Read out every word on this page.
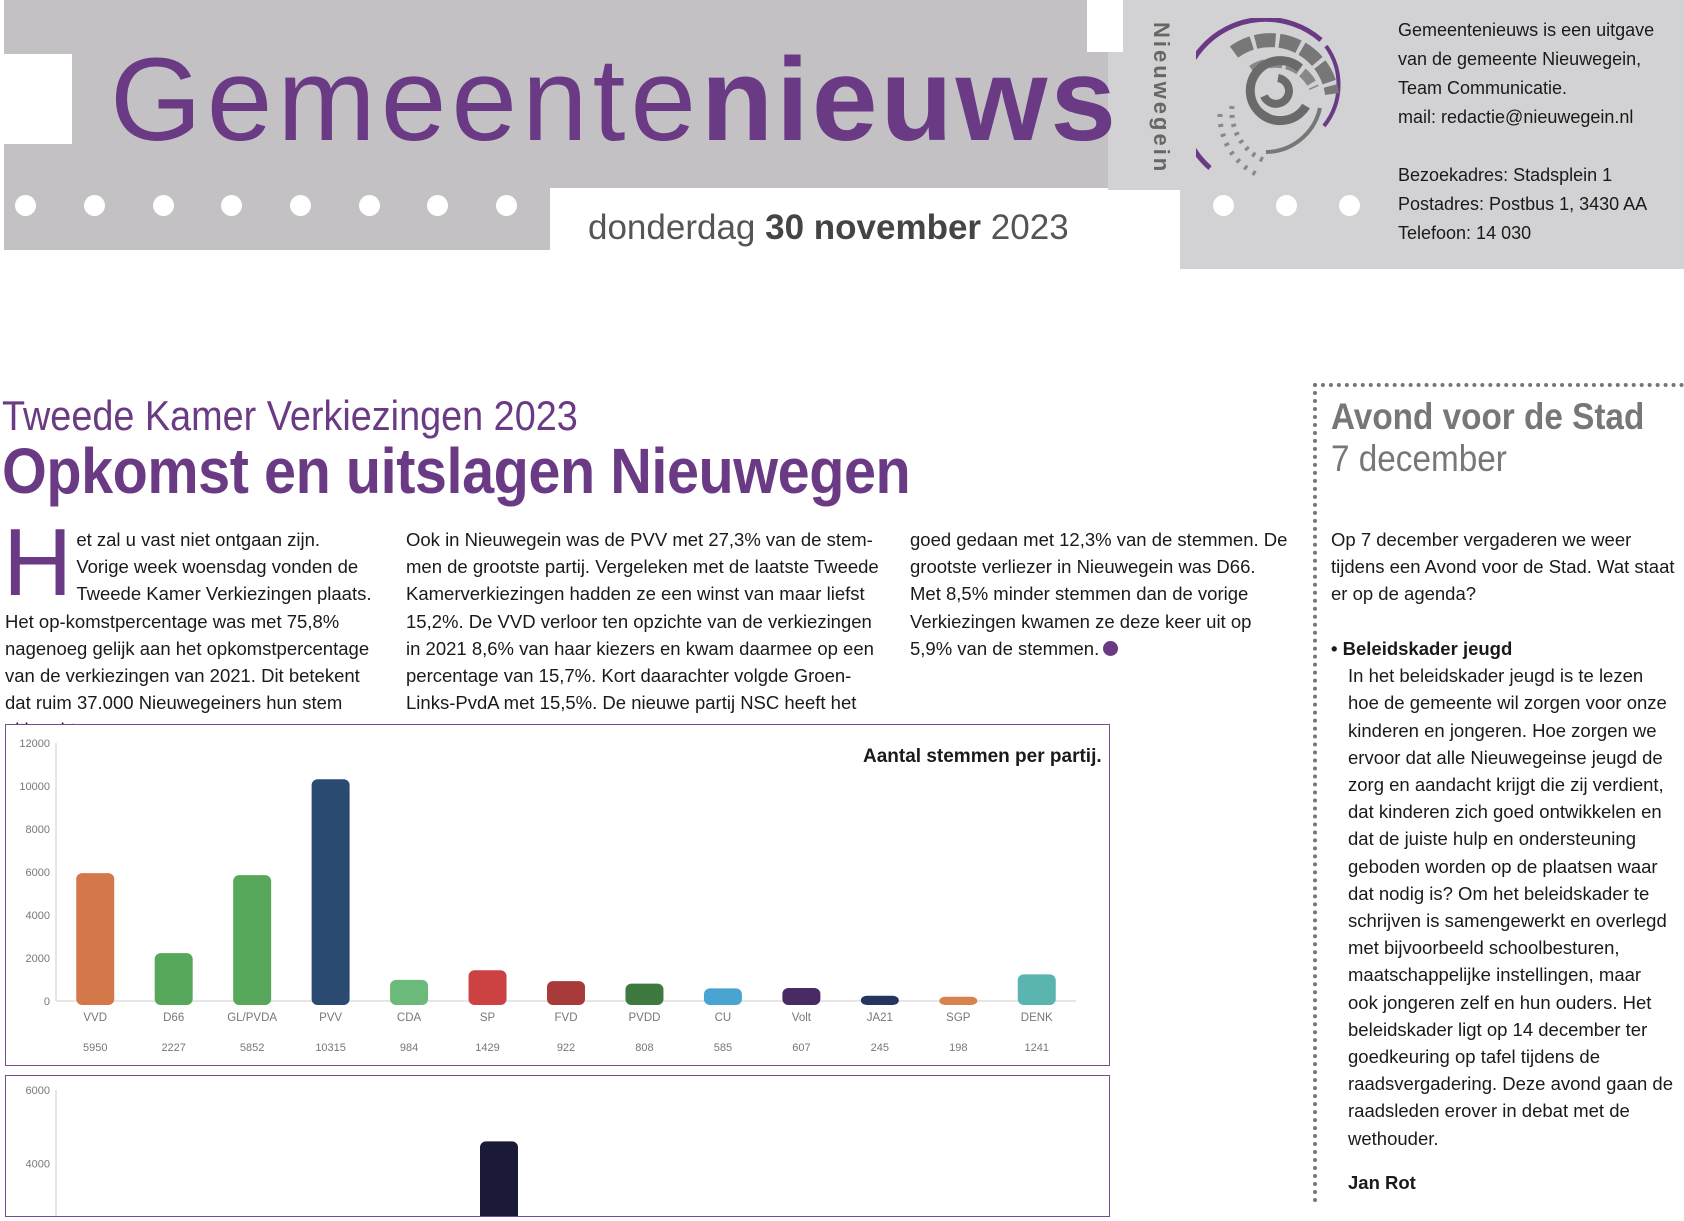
Gemeentenieuws
donderdag 30 november 2023
Nieuwegein	Gemeentenieuws is een uitgave
van de gemeente Nieuwegein,
Team Communicatie.
mail: redactie@nieuwegein.nl

Bezoekadres: Stadsplein 1
Postadres: Postbus 1, 3430 AA
Telefoon: 14 030
Tweede Kamer Verkiezingen 2023
Opkomst en uitslagen Nieuwegen
Het zal u vast niet ontgaan zijn. Vorige week woensdag vonden de Tweede Kamer Verkiezingen plaats. Het op-komstpercentage was met 75,8% nagenoeg gelijk aan het opkomstpercentage van de verkiezingen van 2021. Dit betekent dat ruim 37.000 Nieuwegeiners hun stem
Ook in Nieuwegein was de PVV met 27,3% van de stem-men de grootste partij. Vergeleken met de laatste Tweede Kamerverkiezingen hadden ze een winst van maar liefst 15,2%. De VVD verloor ten opzichte van de verkiezingen in 2021 8,6% van haar kiezers en kwam daarmee op een percentage van 15,7%. Kort daarachter volgde Groen-Links-PvdA met 15,5%. De nieuwe partij NSC heeft het
goed gedaan met 12,3% van de stemmen. De grootste verliezer in Nieuwegein was D66. Met 8,5% minder stemmen dan de vorige Verkiezingen kwamen ze deze keer uit op 5,9% van de stemmen.
0
2000
4000
6000
8000
10000
12000
VVD
5950
D66
2227
GL/PVDA
5852
PVV
10315
CDA
984
SP
1429
FVD
922
PVDD
808
CU
585
Volt
607
JA21
245
SGP
198
DENK
1241
Aantal stemmen per partij.
4000
6000
Avond voor de Stad
7 december
Op 7 december vergaderen we weer tijdens een Avond voor de Stad. Wat staat er op de agenda?
• Beleidskader jeugd
In het beleidskader jeugd is te lezen hoe de gemeente wil zorgen voor onze kinderen en jongeren. Hoe zorgen we ervoor dat alle Nieuwegeinse jeugd de zorg en aandacht krijgt die zij verdient, dat kinderen zich goed ontwikkelen en dat de juiste hulp en ondersteuning geboden worden op de plaatsen waar dat nodig is? Om het beleidskader te schrijven is samengewerkt en overlegd met bijvoorbeeld schoolbesturen, maatschappelijke instellingen, maar ook jongeren zelf en hun ouders. Het beleidskader ligt op 14 december ter goedkeuring op tafel tijdens de raadsvergadering. Deze avond gaan de raadsleden erover in debat met de wethouder.
Jan Rot
